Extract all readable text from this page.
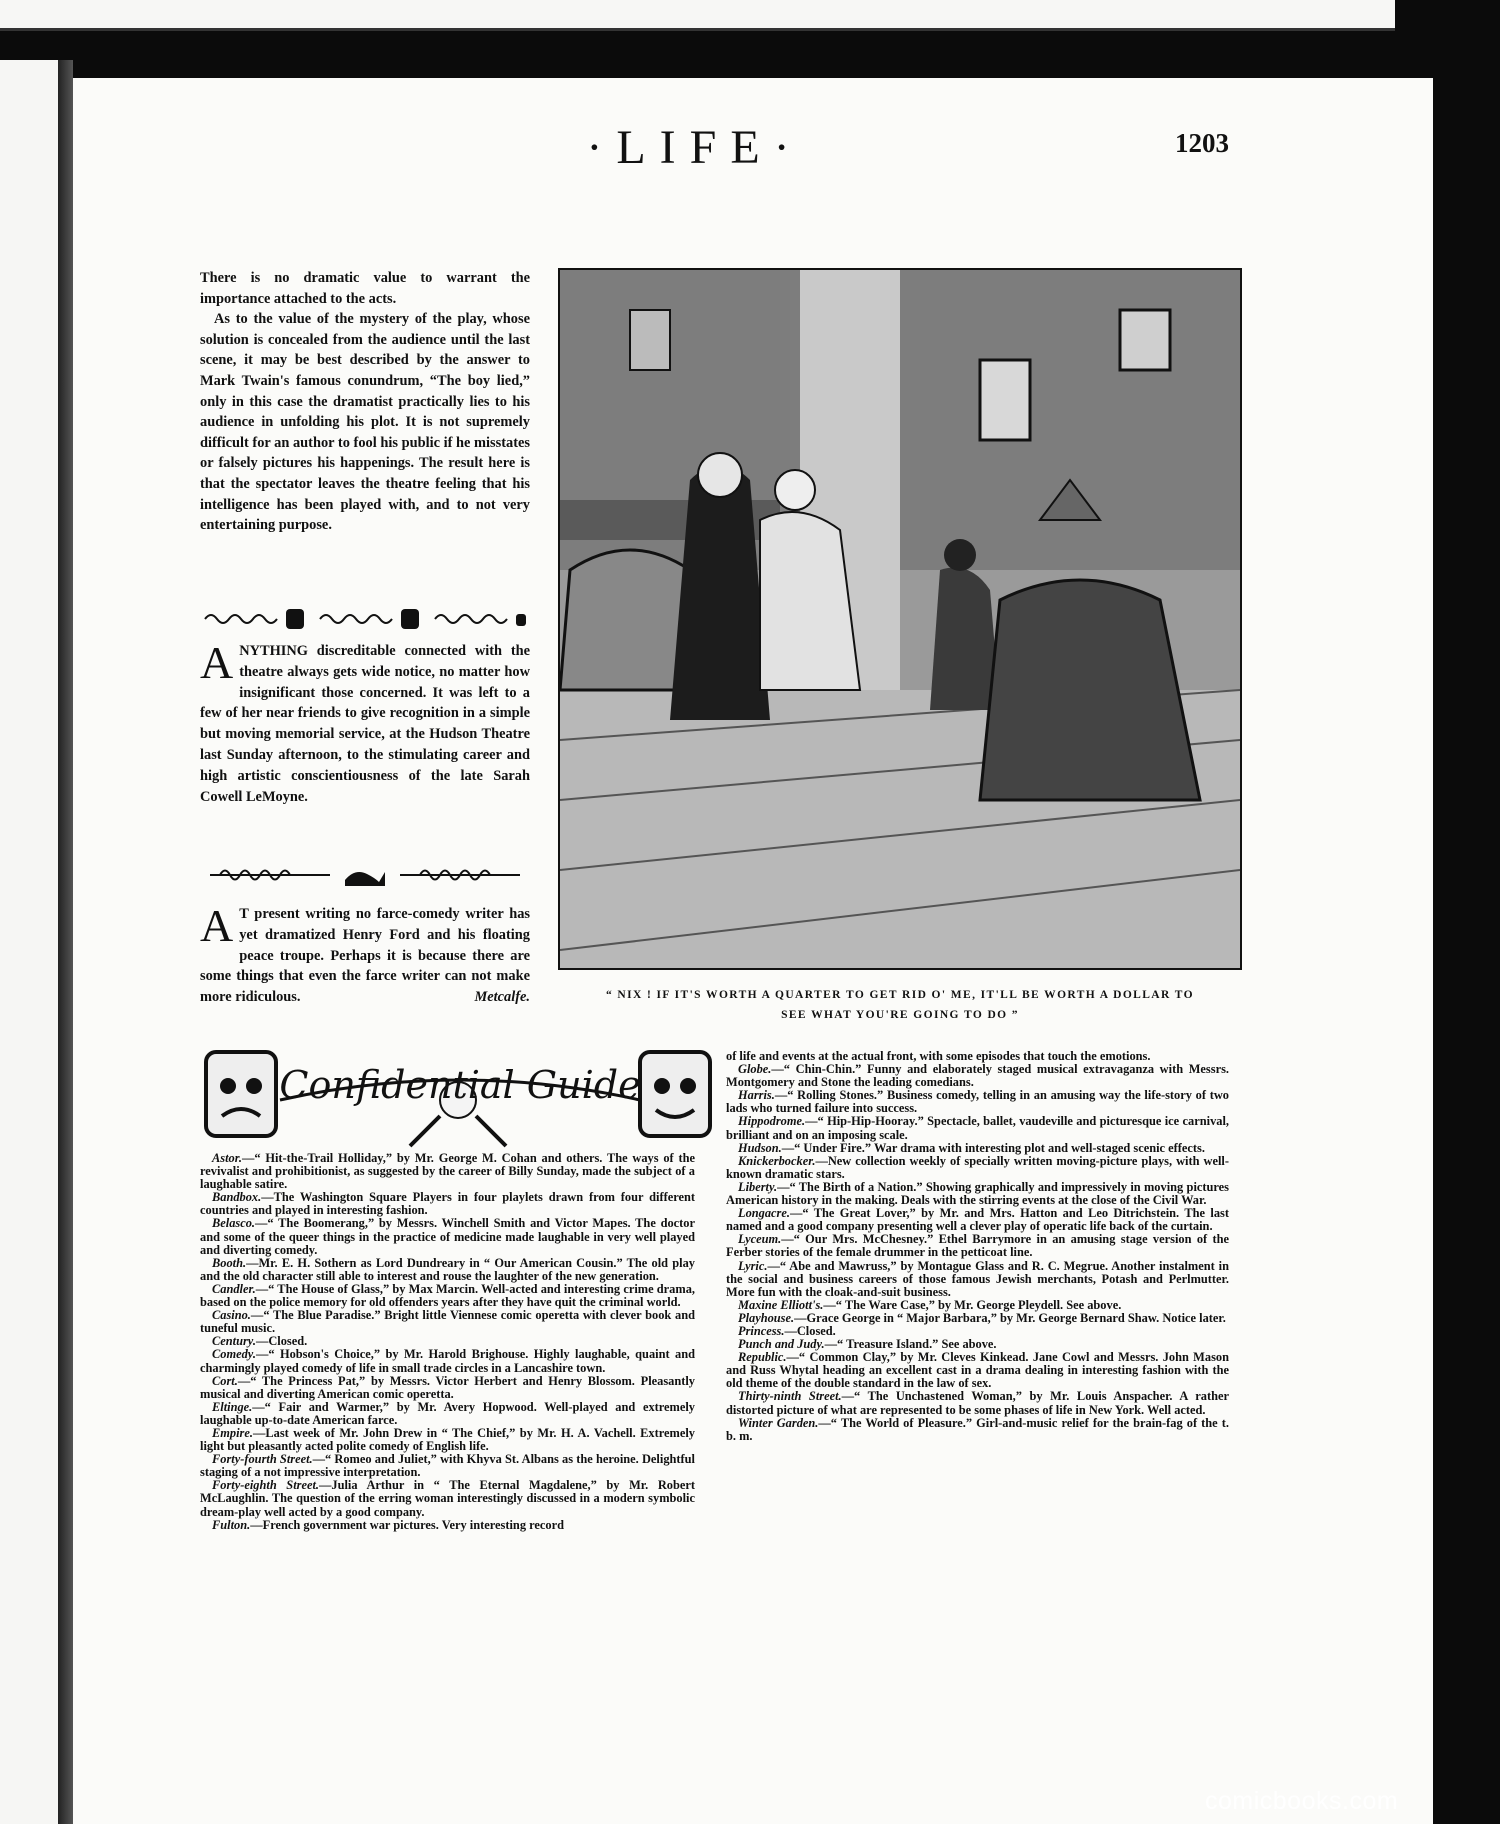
·LIFE·	1203

There is no dramatic value to warrant the importance attached to the acts.

As to the value of the mystery of the play, whose solution is concealed from the audience until the last scene, it may be best described by the answer to Mark Twain's famous conundrum, “The boy lied,” only in this case the dramatist practically lies to his audience in unfolding his plot. It is not supremely difficult for an author to fool his public if he misstates or falsely pictures his happenings. The result here is that the spectator leaves the theatre feeling that his intelligence has been played with, and to not very entertaining purpose.

A NYTHING discreditable connected with the theatre always gets wide notice, no matter how insignificant those concerned. It was left to a few of her near friends to give recognition in a simple but moving memorial service, at the Hudson Theatre last Sunday afternoon, to the stimulating career and high artistic conscientiousness of the late Sarah Cowell LeMoyne.

A T present writing no farce-comedy writer has yet dramatized Henry Ford and his floating peace troupe. Perhaps it is because there are some things that even the farce writer can not make more ridiculous.	Metcalfe.	“ NIX ! IF IT'S WORTH A QUARTER TO GET RID O' ME, IT'LL BE WORTH A DOLLAR TO
SEE WHAT YOU'RE GOING TO DO ”
Confidential Guide

Astor.—“ Hit-the-Trail Holliday,” by Mr. George M. Cohan and others. The ways of the revivalist and prohibitionist, as suggested by the career of Billy Sunday, made the subject of a laughable satire.

Bandbox.—The Washington Square Players in four playlets drawn from four different countries and played in interesting fashion.

Belasco.—“ The Boomerang,” by Messrs. Winchell Smith and Victor Mapes. The doctor and some of the queer things in the practice of medicine made laughable in very well played and diverting comedy.

Booth.—Mr. E. H. Sothern as Lord Dundreary in “ Our American Cousin.” The old play and the old character still able to interest and rouse the laughter of the new generation.

Candler.—“ The House of Glass,” by Max Marcin. Well-acted and interesting crime drama, based on the police memory for old offenders years after they have quit the criminal world.

Casino.—“ The Blue Paradise.” Bright little Viennese comic operetta with clever book and tuneful music.

Century.—Closed.

Comedy.—“ Hobson's Choice,” by Mr. Harold Brighouse. Highly laughable, quaint and charmingly played comedy of life in small trade circles in a Lancashire town.

Cort.—“ The Princess Pat,” by Messrs. Victor Herbert and Henry Blossom. Pleasantly musical and diverting American comic operetta.

Eltinge.—“ Fair and Warmer,” by Mr. Avery Hopwood. Well-played and extremely laughable up-to-date American farce.

Empire.—Last week of Mr. John Drew in “ The Chief,” by Mr. H. A. Vachell. Extremely light but pleasantly acted polite comedy of English life.

Forty-fourth Street.—“ Romeo and Juliet,” with Khyva St. Albans as the heroine. Delightful staging of a not impressive interpretation.

Forty-eighth Street.—Julia Arthur in “ The Eternal Magdalene,” by Mr. Robert McLaughlin. The question of the erring woman interestingly discussed in a modern symbolic dream-play well acted by a good company.

Fulton.—French government war pictures. Very interesting record

of life and events at the actual front, with some episodes that touch the emotions.

Globe.—“ Chin-Chin.” Funny and elaborately staged musical extravaganza with Messrs. Montgomery and Stone the leading comedians.

Harris.—“ Rolling Stones.” Business comedy, telling in an amusing way the life-story of two lads who turned failure into success.

Hippodrome.—“ Hip-Hip-Hooray.” Spectacle, ballet, vaudeville and picturesque ice carnival, brilliant and on an imposing scale.

Hudson.—“ Under Fire.” War drama with interesting plot and well-staged scenic effects.

Knickerbocker.—New collection weekly of specially written moving-picture plays, with well-known dramatic stars.

Liberty.—“ The Birth of a Nation.” Showing graphically and impressively in moving pictures American history in the making. Deals with the stirring events at the close of the Civil War.

Longacre.—“ The Great Lover,” by Mr. and Mrs. Hatton and Leo Ditrichstein. The last named and a good company presenting well a clever play of operatic life back of the curtain.

Lyceum.—“ Our Mrs. McChesney.” Ethel Barrymore in an amusing stage version of the Ferber stories of the female drummer in the petticoat line.

Lyric.—“ Abe and Mawruss,” by Montague Glass and R. C. Megrue. Another instalment in the social and business careers of those famous Jewish merchants, Potash and Perlmutter. More fun with the cloak-and-suit business.

Maxine Elliott's.—“ The Ware Case,” by Mr. George Pleydell. See above.

Playhouse.—Grace George in “ Major Barbara,” by Mr. George Bernard Shaw. Notice later.

Princess.—Closed.

Punch and Judy.—“ Treasure Island.” See above.

Republic.—“ Common Clay,” by Mr. Cleves Kinkead. Jane Cowl and Messrs. John Mason and Russ Whytal heading an excellent cast in a drama dealing in interesting fashion with the old theme of the double standard in the law of sex.

Thirty-ninth Street.—“ The Unchastened Woman,” by Mr. Louis Anspacher. A rather distorted picture of what are represented to be some phases of life in New York. Well acted.

Winter Garden.—“ The World of Pleasure.” Girl-and-music relief for the brain-fag of the t. b. m.

comicbooks.com
